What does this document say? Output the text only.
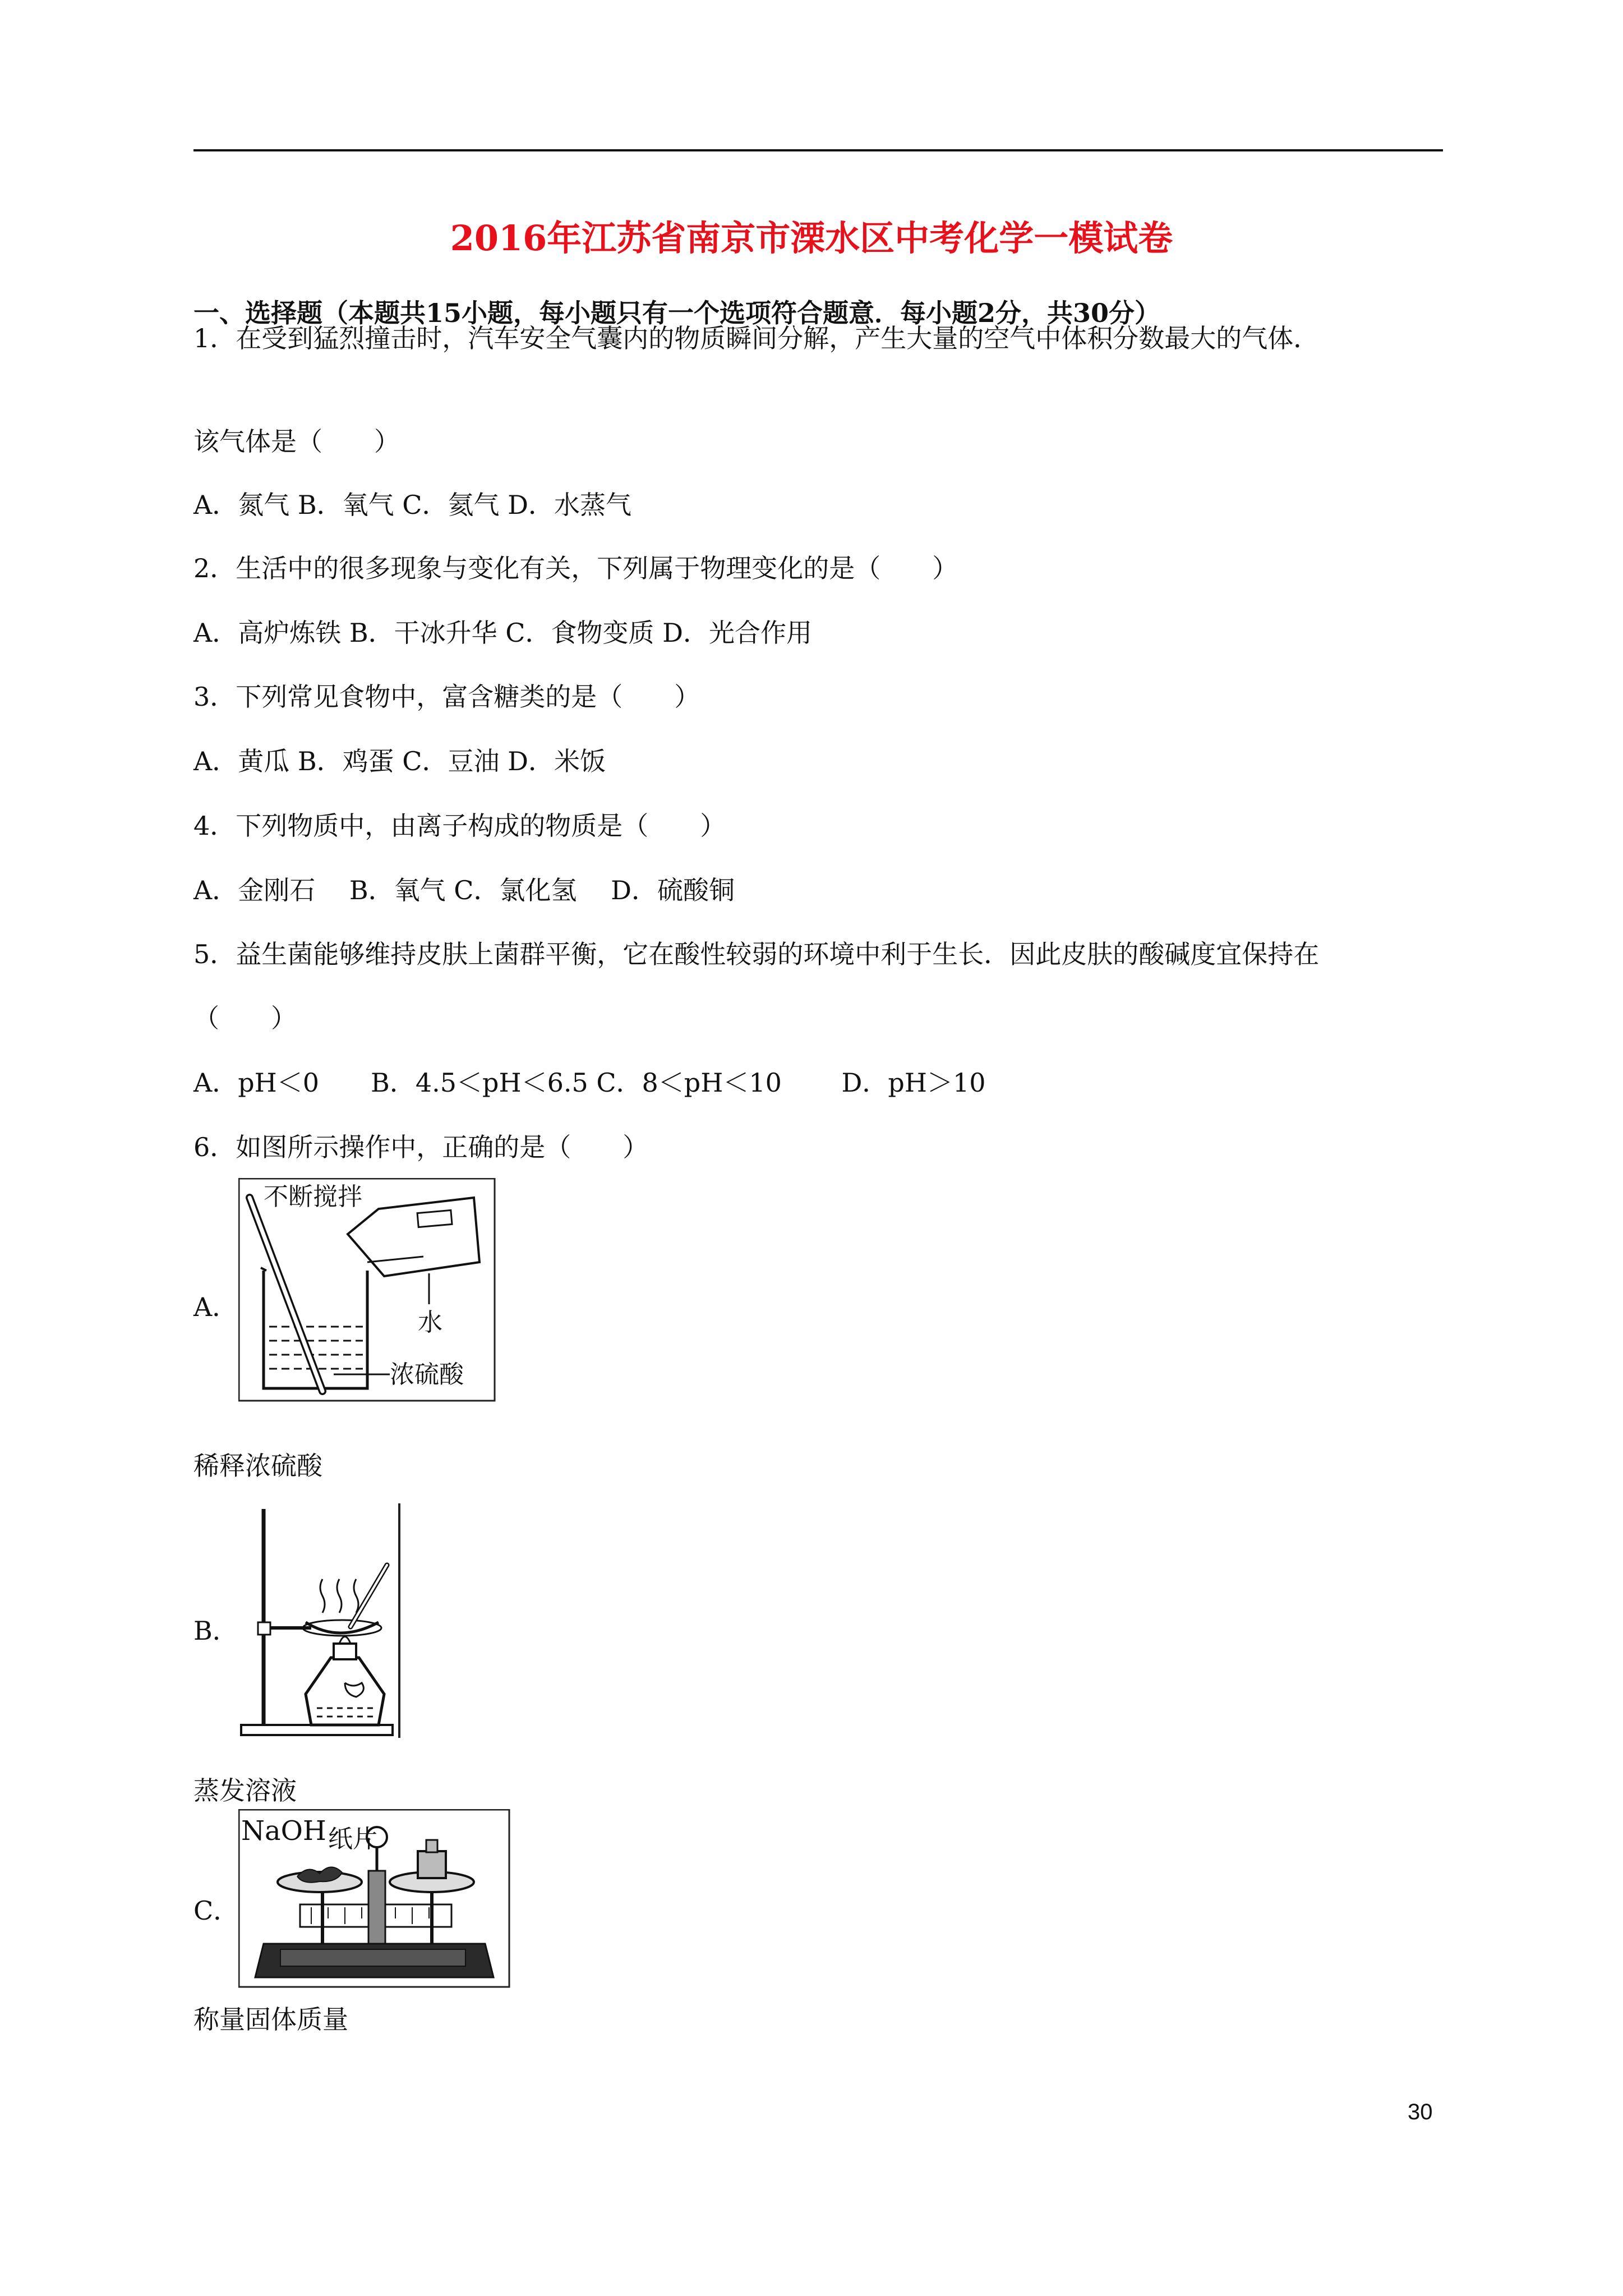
2016年江苏省南京市溧水区中考化学一模试卷
一、选择题（本题共15小题，每小题只有一个选项符合题意．每小题2分，共30分）
1．在受到猛烈撞击时，汽车安全气囊内的物质瞬间分解，产生大量的空气中体积分数最大的气体．
该气体是（　　）
A．氮气 B．氧气 C．氦气 D．水蒸气
2．生活中的很多现象与变化有关，下列属于物理变化的是（　　）
A．高炉炼铁 B．干冰升华 C．食物变质 D．光合作用
3．下列常见食物中，富含糖类的是（　　）
A．黄瓜 B．鸡蛋 C．豆油 D．米饭
4．下列物质中，由离子构成的物质是（　　）
A．金刚石　 B．氧气 C．氯化氢　 D．硫酸铜
5．益生菌能够维持皮肤上菌群平衡，它在酸性较弱的环境中利于生长．因此皮肤的酸碱度宜保持在
（　　）
A．pH＜0　　B．4.5＜pH＜6.5 C．8＜pH＜10　　 D．pH＞10
6．如图所示操作中，正确的是（　　）
A．
不断搅拌
水
浓硫酸
稀释浓硫酸
B．
蒸发溶液
C．
NaOH 纸片
称量固体质量
30
